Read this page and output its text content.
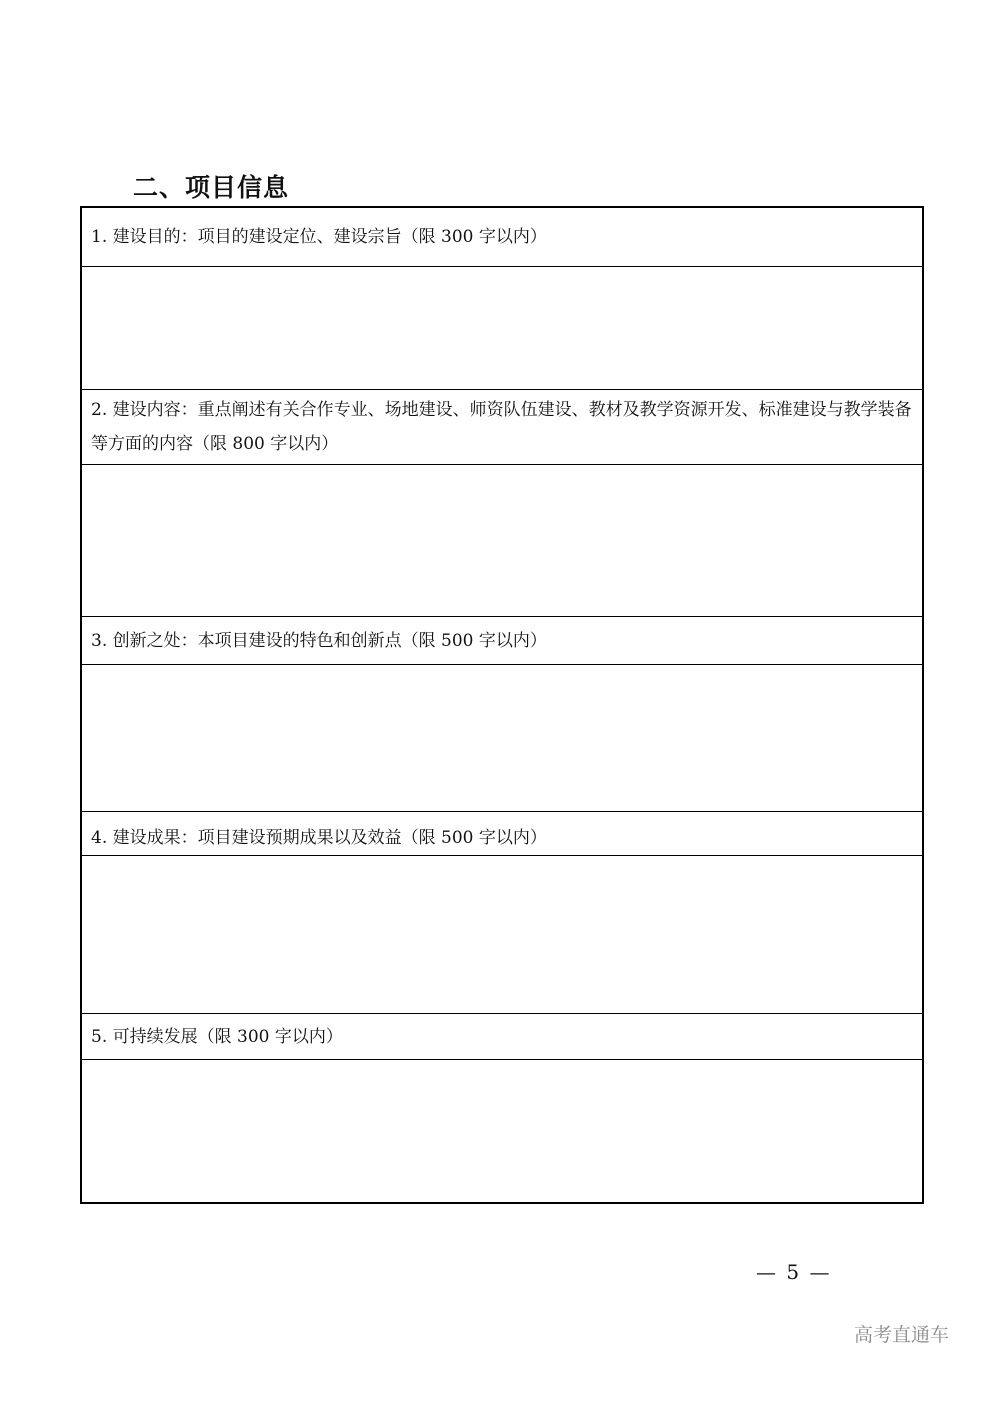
二、项目信息
1. 建设目的：项目的建设定位、建设宗旨（限 300 字以内）
2. 建设内容：重点阐述有关合作专业、场地建设、师资队伍建设、教材及教学资源开发、标准建设与教学装备等方面的内容（限 800 字以内）
3. 创新之处：本项目建设的特色和创新点（限 500 字以内）
4. 建设成果：项目建设预期成果以及效益（限 500 字以内）
5. 可持续发展（限 300 字以内）
— 5 —
高考直通车
